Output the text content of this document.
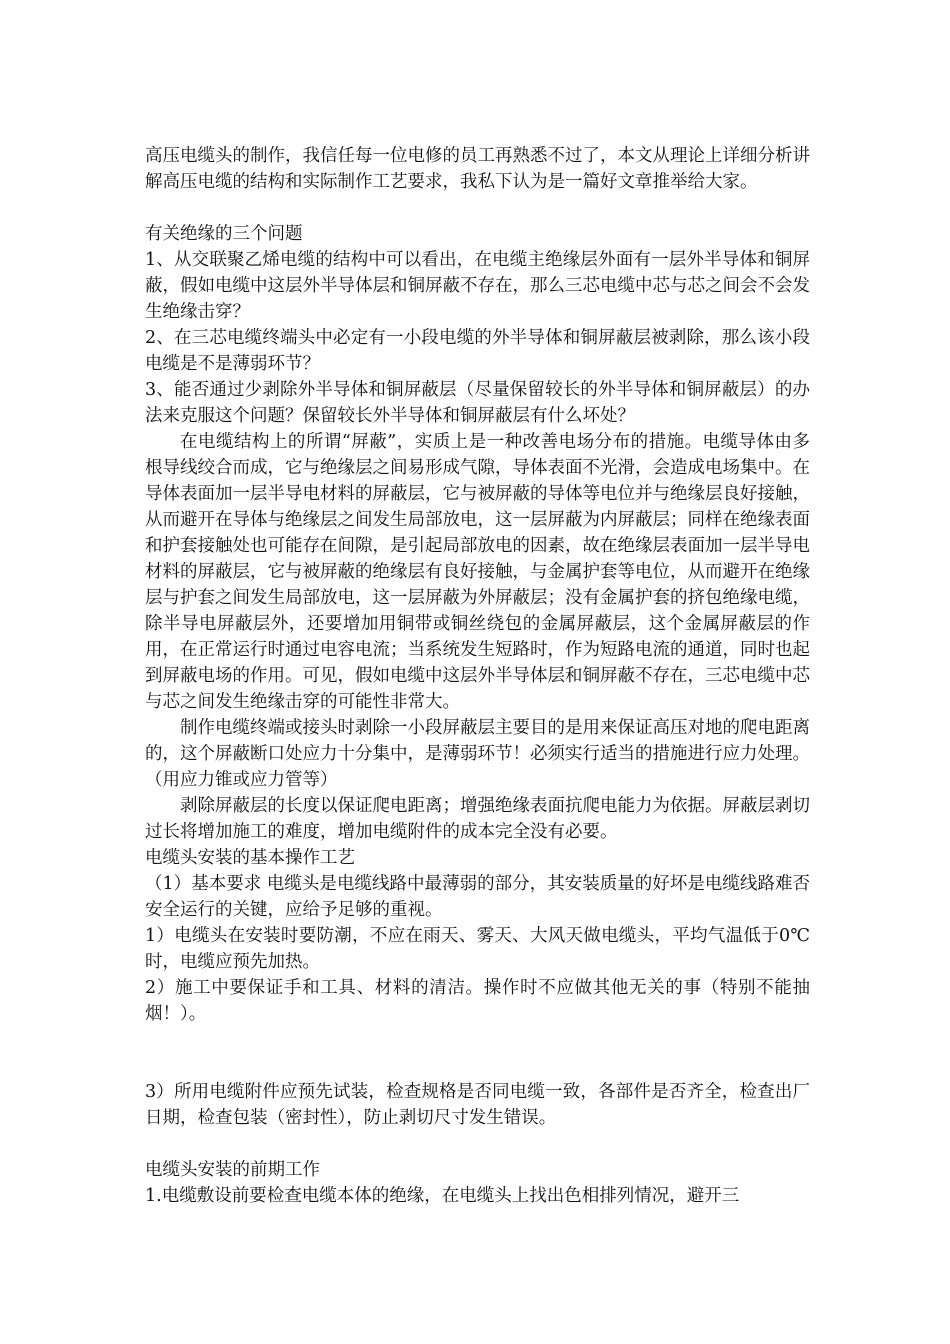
高压电缆头的制作，我信任每一位电修的员工再熟悉不过了，本文从理论上详细分析讲解高压电缆的结构和实际制作工艺要求，我私下认为是一篇好文章推举给大家。

有关绝缘的三个问题

1、从交联聚乙烯电缆的结构中可以看出，在电缆主绝缘层外面有一层外半导体和铜屏蔽，假如电缆中这层外半导体层和铜屏蔽不存在，那么三芯电缆中芯与芯之间会不会发生绝缘击穿？

2、在三芯电缆终端头中必定有一小段电缆的外半导体和铜屏蔽层被剥除，那么该小段电缆是不是薄弱环节？

3、能否通过少剥除外半导体和铜屏蔽层（尽量保留较长的外半导体和铜屏蔽层）的办法来克服这个问题？保留较长外半导体和铜屏蔽层有什么坏处？

在电缆结构上的所谓“屏蔽”，实质上是一种改善电场分布的措施。电缆导体由多根导线绞合而成，它与绝缘层之间易形成气隙，导体表面不光滑，会造成电场集中。在导体表面加一层半导电材料的屏蔽层，它与被屏蔽的导体等电位并与绝缘层良好接触，从而避开在导体与绝缘层之间发生局部放电，这一层屏蔽为内屏蔽层；同样在绝缘表面和护套接触处也可能存在间隙，是引起局部放电的因素，故在绝缘层表面加一层半导电材料的屏蔽层，它与被屏蔽的绝缘层有良好接触，与金属护套等电位，从而避开在绝缘层与护套之间发生局部放电，这一层屏蔽为外屏蔽层；没有金属护套的挤包绝缘电缆，除半导电屏蔽层外，还要增加用铜带或铜丝绕包的金属屏蔽层，这个金属屏蔽层的作用，在正常运行时通过电容电流；当系统发生短路时，作为短路电流的通道，同时也起到屏蔽电场的作用。可见，假如电缆中这层外半导体层和铜屏蔽不存在，三芯电缆中芯与芯之间发生绝缘击穿的可能性非常大。

制作电缆终端或接头时剥除一小段屏蔽层主要目的是用来保证高压对地的爬电距离的，这个屏蔽断口处应力十分集中，是薄弱环节！必须实行适当的措施进行应力处理。（用应力锥或应力管等）

剥除屏蔽层的长度以保证爬电距离；增强绝缘表面抗爬电能力为依据。屏蔽层剥切过长将增加施工的难度，增加电缆附件的成本完全没有必要。

电缆头安装的基本操作工艺

（1）基本要求 电缆头是电缆线路中最薄弱的部分，其安装质量的好坏是电缆线路难否安全运行的关键，应给予足够的重视。

1）电缆头在安装时要防潮，不应在雨天、雾天、大风天做电缆头，平均气温低于0℃时，电缆应预先加热。

2）施工中要保证手和工具、材料的清洁。操作时不应做其他无关的事（特别不能抽烟！）。

3）所用电缆附件应预先试装，检查规格是否同电缆一致，各部件是否齐全，检查出厂日期，检查包装（密封性），防止剥切尺寸发生错误。

电缆头安装的前期工作

1.电缆敷设前要检查电缆本体的绝缘，在电缆头上找出色相排列情况，避开三
